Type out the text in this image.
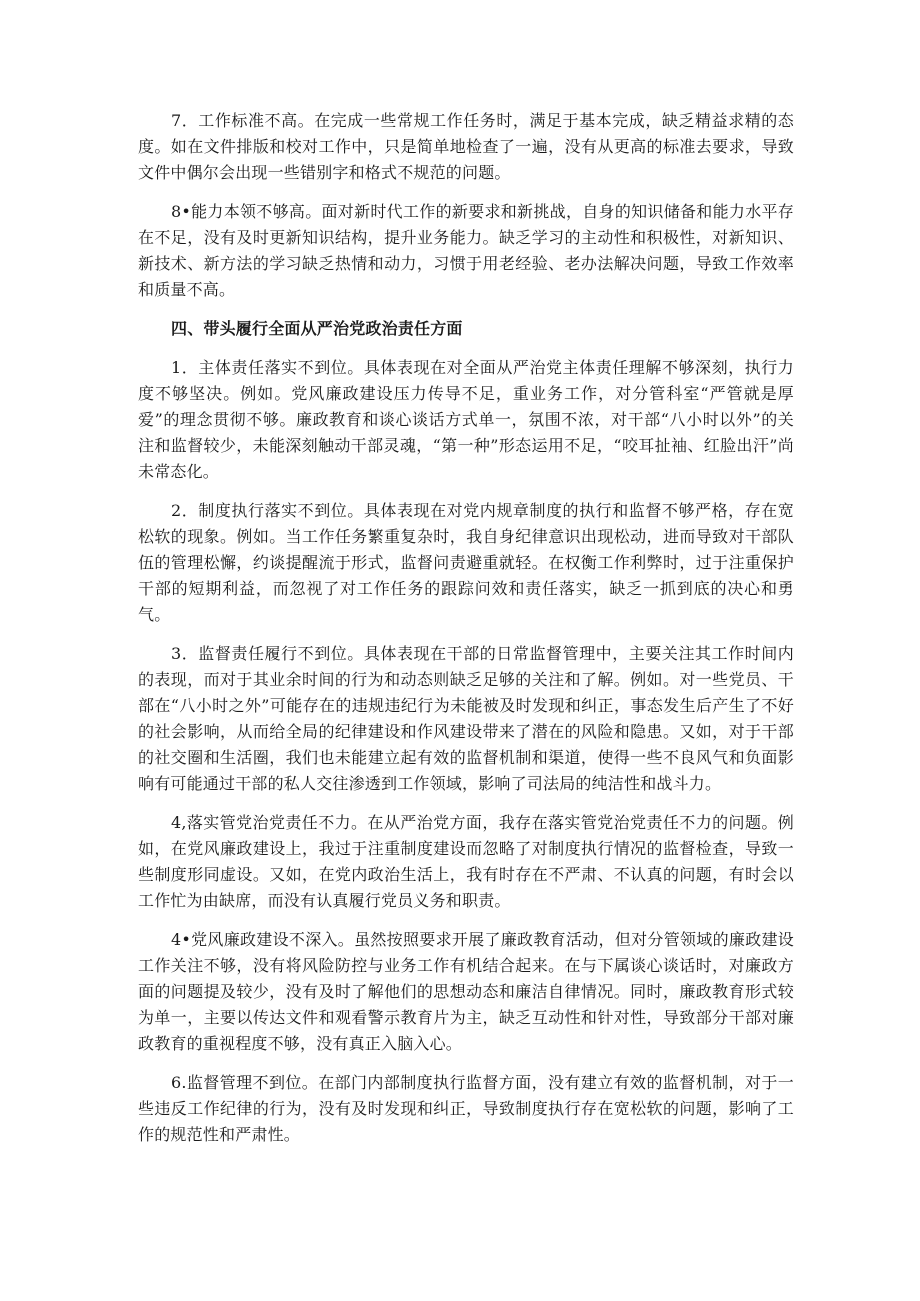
7．工作标准不高。在完成一些常规工作任务时，满足于基本完成，缺乏精益求精的态度。如在文件排版和校对工作中，只是简单地检查了一遍，没有从更高的标准去要求，导致文件中偶尔会出现一些错别字和格式不规范的问题。

8•能力本领不够高。面对新时代工作的新要求和新挑战，自身的知识储备和能力水平存在不足，没有及时更新知识结构，提升业务能力。缺乏学习的主动性和积极性，对新知识、新技术、新方法的学习缺乏热情和动力，习惯于用老经验、老办法解决问题，导致工作效率和质量不高。

四、带头履行全面从严治党政治责任方面

1．主体责任落实不到位。具体表现在对全面从严治党主体责任理解不够深刻，执行力度不够坚决。例如。党风廉政建设压力传导不足，重业务工作，对分管科室“严管就是厚爱”的理念贯彻不够。廉政教育和谈心谈话方式单一，氛围不浓，对干部“八小时以外”的关注和监督较少，未能深刻触动干部灵魂，“第一种”形态运用不足，“咬耳扯袖、红脸出汗”尚未常态化。

2．制度执行落实不到位。具体表现在对党内规章制度的执行和监督不够严格，存在宽松软的现象。例如。当工作任务繁重复杂时，我自身纪律意识出现松动，进而导致对干部队伍的管理松懈，约谈提醒流于形式，监督问责避重就轻。在权衡工作利弊时，过于注重保护干部的短期利益，而忽视了对工作任务的跟踪问效和责任落实，缺乏一抓到底的决心和勇气。

3．监督责任履行不到位。具体表现在干部的日常监督管理中，主要关注其工作时间内的表现，而对于其业余时间的行为和动态则缺乏足够的关注和了解。例如。对一些党员、干部在“八小时之外”可能存在的违规违纪行为未能被及时发现和纠正，事态发生后产生了不好的社会影响，从而给全局的纪律建设和作风建设带来了潜在的风险和隐患。又如，对于干部的社交圈和生活圈，我们也未能建立起有效的监督机制和渠道，使得一些不良风气和负面影响有可能通过干部的私人交往渗透到工作领域，影响了司法局的纯洁性和战斗力。

4,落实管党治党责任不力。在从严治党方面，我存在落实管党治党责任不力的问题。例如，在党风廉政建设上，我过于注重制度建设而忽略了对制度执行情况的监督检查，导致一些制度形同虚设。又如，在党内政治生活上，我有时存在不严肃、不认真的问题，有时会以工作忙为由缺席，而没有认真履行党员义务和职责。

4•党风廉政建设不深入。虽然按照要求开展了廉政教育活动，但对分管领域的廉政建设工作关注不够，没有将风险防控与业务工作有机结合起来。在与下属谈心谈话时，对廉政方面的问题提及较少，没有及时了解他们的思想动态和廉洁自律情况。同时，廉政教育形式较为单一，主要以传达文件和观看警示教育片为主，缺乏互动性和针对性，导致部分干部对廉政教育的重视程度不够，没有真正入脑入心。

6.监督管理不到位。在部门内部制度执行监督方面，没有建立有效的监督机制，对于一些违反工作纪律的行为，没有及时发现和纠正，导致制度执行存在宽松软的问题，影响了工作的规范性和严肃性。
